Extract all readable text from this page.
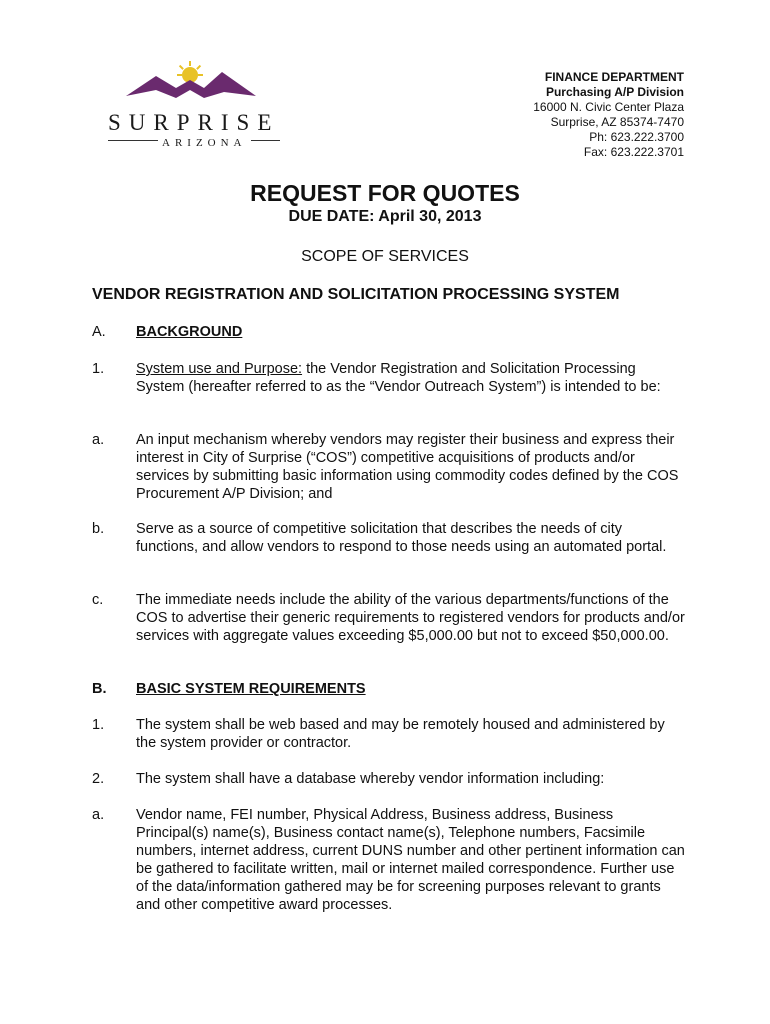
SURPRISE
ARIZONA
FINANCE DEPARTMENT
Purchasing A/P Division
16000 N. Civic Center Plaza
Surprise, AZ 85374-7470
Ph: 623.222.3700
Fax: 623.222.3701
REQUEST FOR QUOTES
DUE DATE: April 30, 2013
SCOPE OF SERVICES
VENDOR REGISTRATION AND SOLICITATION PROCESSING SYSTEM
A. BACKGROUND
1. System use and Purpose: the Vendor Registration and Solicitation Processing System (hereafter referred to as the “Vendor Outreach System”) is intended to be:
a. An input mechanism whereby vendors may register their business and express their interest in City of Surprise (“COS”) competitive acquisitions of products and/or services by submitting basic information using commodity codes defined by the COS Procurement A/P Division; and
b. Serve as a source of competitive solicitation that describes the needs of city functions, and allow vendors to respond to those needs using an automated portal.
c. The immediate needs include the ability of the various departments/functions of the COS to advertise their generic requirements to registered vendors for products and/or services with aggregate values exceeding $5,000.00 but not to exceed $50,000.00.
B. BASIC SYSTEM REQUIREMENTS
1. The system shall be web based and may be remotely housed and administered by the system provider or contractor.
2. The system shall have a database whereby vendor information including:
a. Vendor name, FEI number, Physical Address, Business address, Business Principal(s) name(s), Business contact name(s), Telephone numbers, Facsimile numbers, internet address, current DUNS number and other pertinent information can be gathered to facilitate written, mail or internet mailed correspondence. Further use of the data/information gathered may be for screening purposes relevant to grants and other competitive award processes.
